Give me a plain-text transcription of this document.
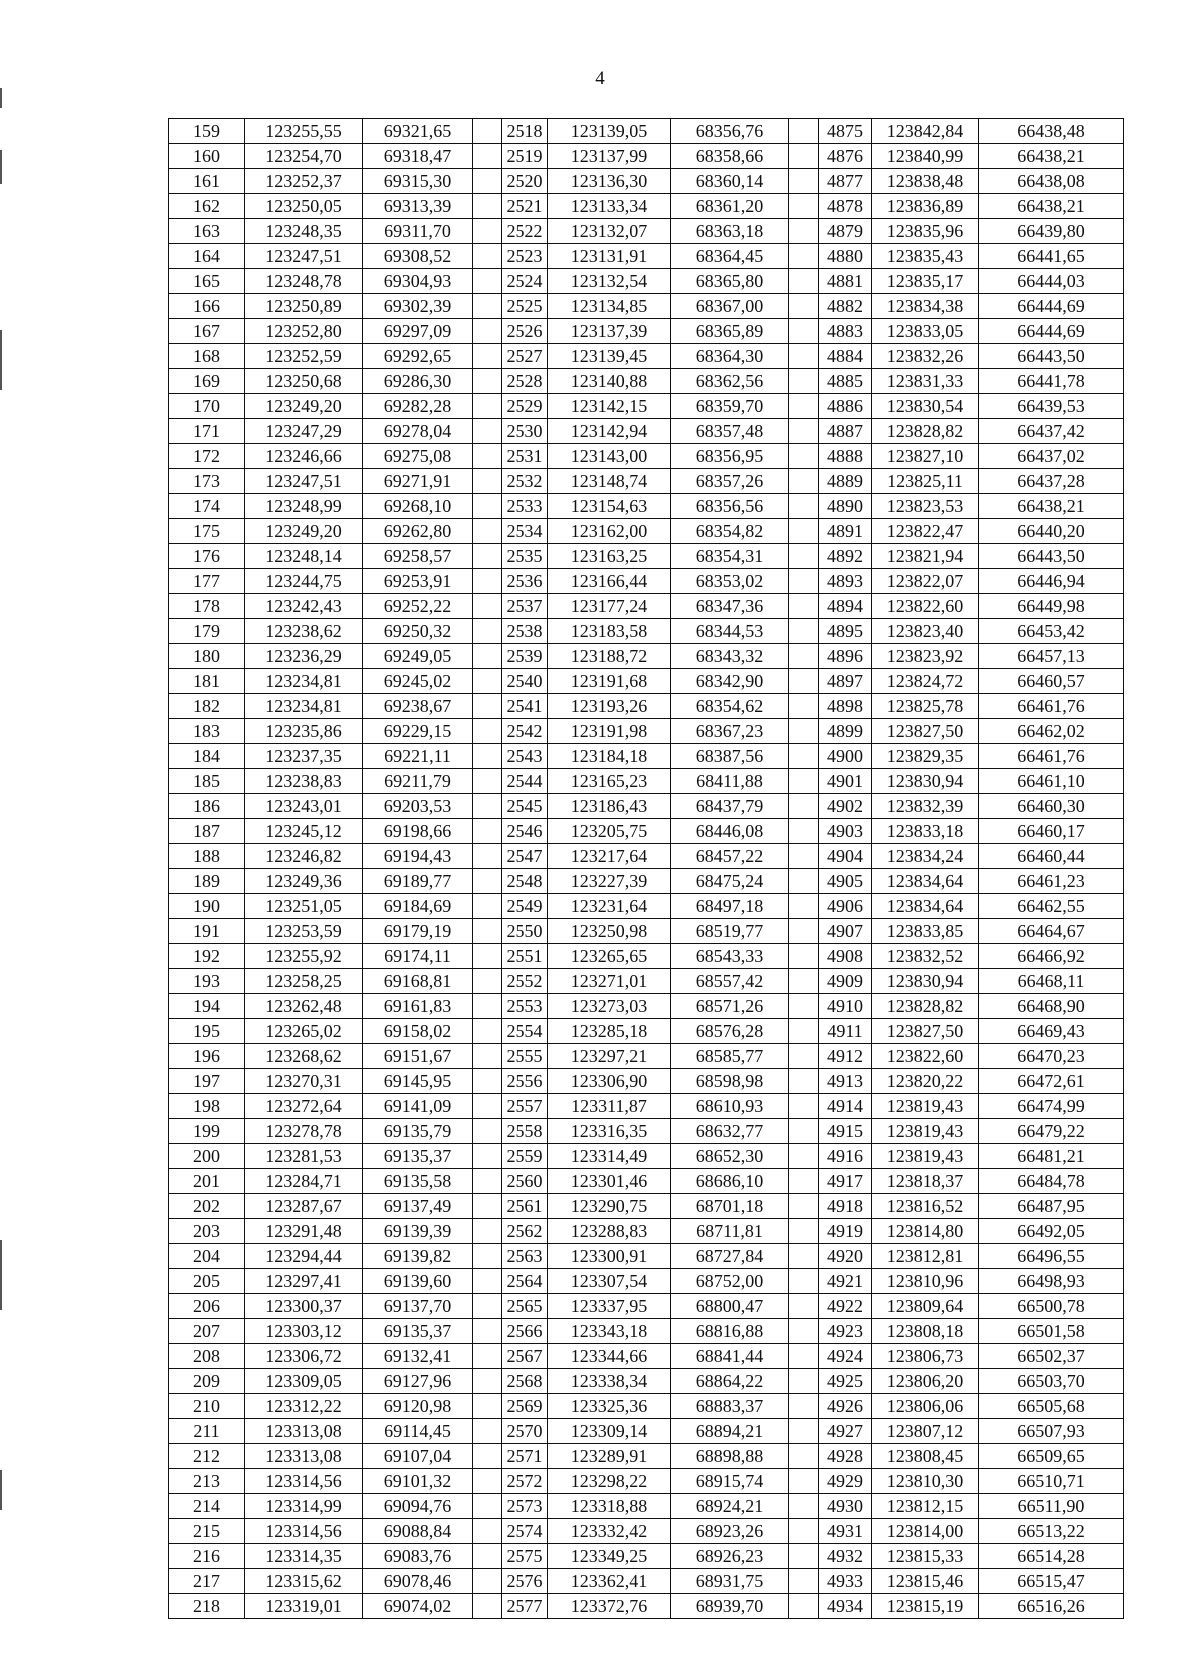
4
159	123255,55	69321,65	2518	123139,05	68356,76	4875	123842,84	66438,48
160	123254,70	69318,47	2519	123137,99	68358,66	4876	123840,99	66438,21
161	123252,37	69315,30	2520	123136,30	68360,14	4877	123838,48	66438,08
162	123250,05	69313,39	2521	123133,34	68361,20	4878	123836,89	66438,21
163	123248,35	69311,70	2522	123132,07	68363,18	4879	123835,96	66439,80
164	123247,51	69308,52	2523	123131,91	68364,45	4880	123835,43	66441,65
165	123248,78	69304,93	2524	123132,54	68365,80	4881	123835,17	66444,03
166	123250,89	69302,39	2525	123134,85	68367,00	4882	123834,38	66444,69
167	123252,80	69297,09	2526	123137,39	68365,89	4883	123833,05	66444,69
168	123252,59	69292,65	2527	123139,45	68364,30	4884	123832,26	66443,50
169	123250,68	69286,30	2528	123140,88	68362,56	4885	123831,33	66441,78
170	123249,20	69282,28	2529	123142,15	68359,70	4886	123830,54	66439,53
171	123247,29	69278,04	2530	123142,94	68357,48	4887	123828,82	66437,42
172	123246,66	69275,08	2531	123143,00	68356,95	4888	123827,10	66437,02
173	123247,51	69271,91	2532	123148,74	68357,26	4889	123825,11	66437,28
174	123248,99	69268,10	2533	123154,63	68356,56	4890	123823,53	66438,21
175	123249,20	69262,80	2534	123162,00	68354,82	4891	123822,47	66440,20
176	123248,14	69258,57	2535	123163,25	68354,31	4892	123821,94	66443,50
177	123244,75	69253,91	2536	123166,44	68353,02	4893	123822,07	66446,94
178	123242,43	69252,22	2537	123177,24	68347,36	4894	123822,60	66449,98
179	123238,62	69250,32	2538	123183,58	68344,53	4895	123823,40	66453,42
180	123236,29	69249,05	2539	123188,72	68343,32	4896	123823,92	66457,13
181	123234,81	69245,02	2540	123191,68	68342,90	4897	123824,72	66460,57
182	123234,81	69238,67	2541	123193,26	68354,62	4898	123825,78	66461,76
183	123235,86	69229,15	2542	123191,98	68367,23	4899	123827,50	66462,02
184	123237,35	69221,11	2543	123184,18	68387,56	4900	123829,35	66461,76
185	123238,83	69211,79	2544	123165,23	68411,88	4901	123830,94	66461,10
186	123243,01	69203,53	2545	123186,43	68437,79	4902	123832,39	66460,30
187	123245,12	69198,66	2546	123205,75	68446,08	4903	123833,18	66460,17
188	123246,82	69194,43	2547	123217,64	68457,22	4904	123834,24	66460,44
189	123249,36	69189,77	2548	123227,39	68475,24	4905	123834,64	66461,23
190	123251,05	69184,69	2549	123231,64	68497,18	4906	123834,64	66462,55
191	123253,59	69179,19	2550	123250,98	68519,77	4907	123833,85	66464,67
192	123255,92	69174,11	2551	123265,65	68543,33	4908	123832,52	66466,92
193	123258,25	69168,81	2552	123271,01	68557,42	4909	123830,94	66468,11
194	123262,48	69161,83	2553	123273,03	68571,26	4910	123828,82	66468,90
195	123265,02	69158,02	2554	123285,18	68576,28	4911	123827,50	66469,43
196	123268,62	69151,67	2555	123297,21	68585,77	4912	123822,60	66470,23
197	123270,31	69145,95	2556	123306,90	68598,98	4913	123820,22	66472,61
198	123272,64	69141,09	2557	123311,87	68610,93	4914	123819,43	66474,99
199	123278,78	69135,79	2558	123316,35	68632,77	4915	123819,43	66479,22
200	123281,53	69135,37	2559	123314,49	68652,30	4916	123819,43	66481,21
201	123284,71	69135,58	2560	123301,46	68686,10	4917	123818,37	66484,78
202	123287,67	69137,49	2561	123290,75	68701,18	4918	123816,52	66487,95
203	123291,48	69139,39	2562	123288,83	68711,81	4919	123814,80	66492,05
204	123294,44	69139,82	2563	123300,91	68727,84	4920	123812,81	66496,55
205	123297,41	69139,60	2564	123307,54	68752,00	4921	123810,96	66498,93
206	123300,37	69137,70	2565	123337,95	68800,47	4922	123809,64	66500,78
207	123303,12	69135,37	2566	123343,18	68816,88	4923	123808,18	66501,58
208	123306,72	69132,41	2567	123344,66	68841,44	4924	123806,73	66502,37
209	123309,05	69127,96	2568	123338,34	68864,22	4925	123806,20	66503,70
210	123312,22	69120,98	2569	123325,36	68883,37	4926	123806,06	66505,68
211	123313,08	69114,45	2570	123309,14	68894,21	4927	123807,12	66507,93
212	123313,08	69107,04	2571	123289,91	68898,88	4928	123808,45	66509,65
213	123314,56	69101,32	2572	123298,22	68915,74	4929	123810,30	66510,71
214	123314,99	69094,76	2573	123318,88	68924,21	4930	123812,15	66511,90
215	123314,56	69088,84	2574	123332,42	68923,26	4931	123814,00	66513,22
216	123314,35	69083,76	2575	123349,25	68926,23	4932	123815,33	66514,28
217	123315,62	69078,46	2576	123362,41	68931,75	4933	123815,46	66515,47
218	123319,01	69074,02	2577	123372,76	68939,70	4934	123815,19	66516,26
